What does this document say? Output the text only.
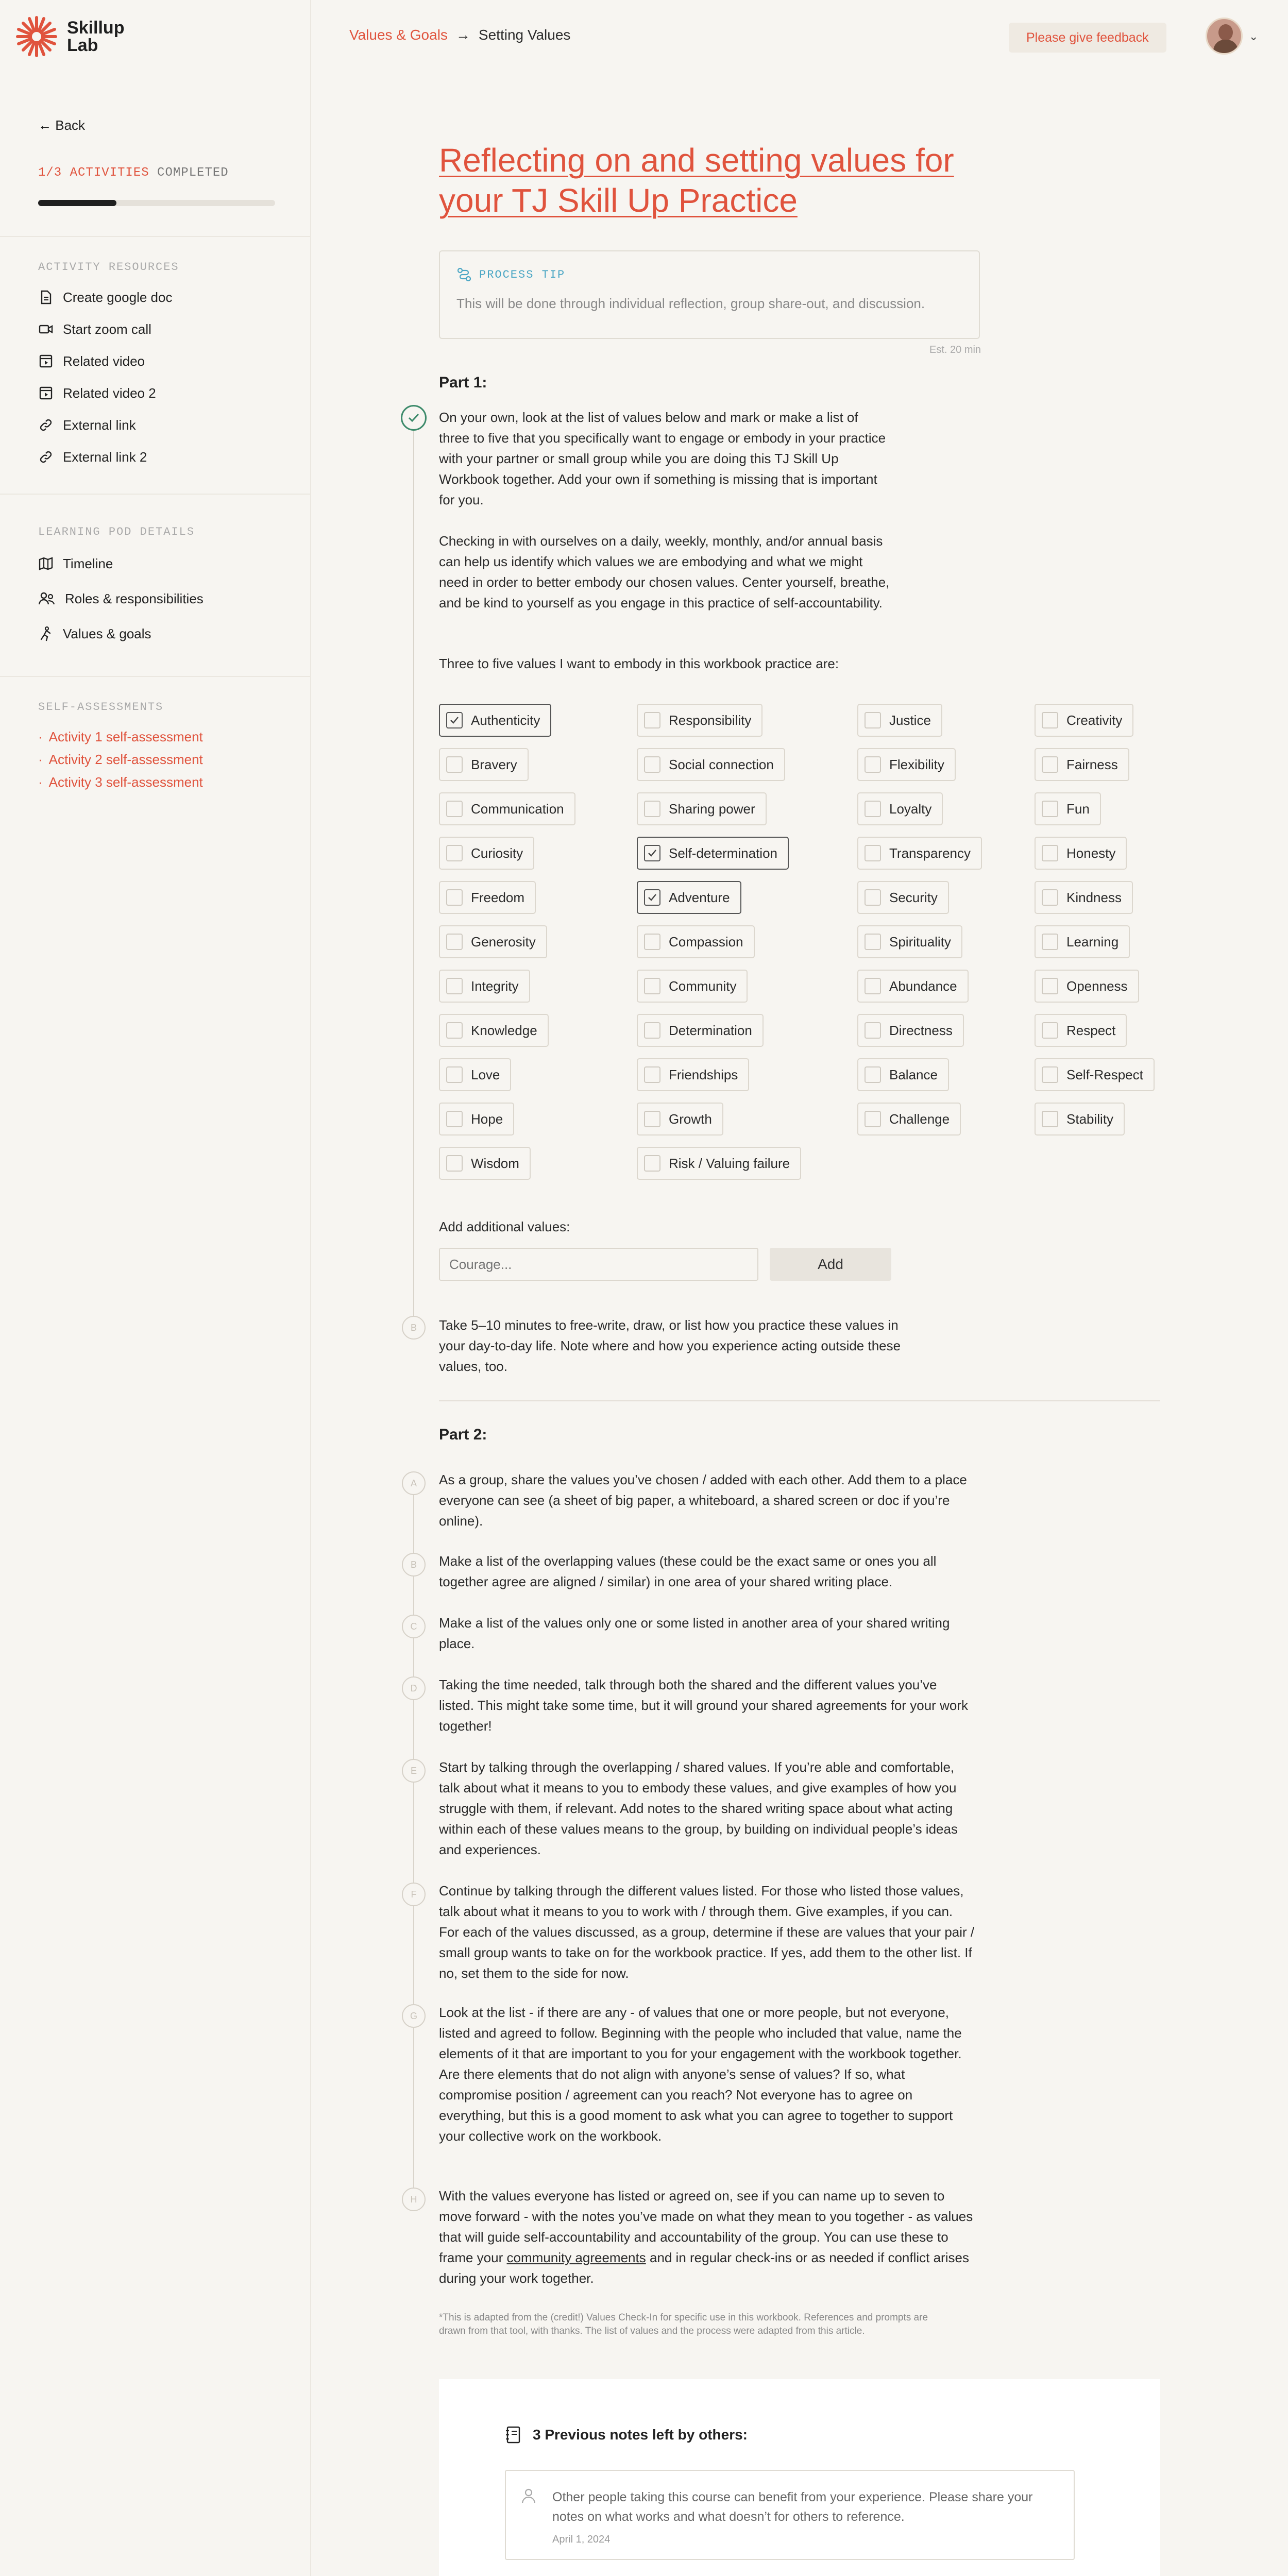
Skillup
Lab
← Back
1/3 ACTIVITIES COMPLETED
ACTIVITY RESOURCES
Create google doc
Start zoom call
Related video
Related video 2
External link
External link 2
LEARNING POD DETAILS
Timeline
Roles & responsibilities
Values & goals
SELF-ASSESSMENTS
· Activity 1 self-assessment
· Activity 2 self-assessment
· Activity 3 self-assessment
Values & Goals → Setting Values	Please give feedback	⌄
Reflecting on and setting values for your TJ Skill Up Practice
PROCESS TIP
This will be done through individual reflection, group share-out, and discussion.
Est. 20 min
Part 1:
On your own, look at the list of values below and mark or make a list of three to five that you specifically want to engage or embody in your practice with your partner or small group while you are doing this TJ Skill Up Workbook together. Add your own if something is missing that is important for you.
Checking in with ourselves on a daily, weekly, monthly, and/or annual basis can help us identify which values we are embodying and what we might need in order to better embody our chosen values. Center yourself, breathe, and be kind to yourself as you engage in this practice of self-accountability.
Three to five values I want to embody in this workbook practice are:
Authenticity	Responsibility	Justice	Creativity
Bravery	Social connection	Flexibility	Fairness
Communication	Sharing power	Loyalty	Fun
Curiosity	Self-determination	Transparency	Honesty
Freedom	Adventure	Security	Kindness
Generosity	Compassion	Spirituality	Learning
Integrity	Community	Abundance	Openness
Knowledge	Determination	Directness	Respect
Love	Friendships	Balance	Self-Respect
Hope	Growth	Challenge	Stability
Wisdom	Risk / Valuing failure
Add additional values:
Courage...
Add
B	Take 5–10 minutes to free-write, draw, or list how you practice these values in your day-to-day life. Note where and how you experience acting outside these values, too.
Part 2:
A	As a group, share the values you’ve chosen / added with each other. Add them to a place everyone can see (a sheet of big paper, a whiteboard, a shared screen or doc if you’re online).
B	Make a list of the overlapping values (these could be the exact same or ones you all together agree are aligned / similar) in one area of your shared writing place.
C	Make a list of the values only one or some listed in another area of your shared writing place.
D	Taking the time needed, talk through both the shared and the different values you’ve listed. This might take some time, but it will ground your shared agreements for your work together!
E	Start by talking through the overlapping / shared values. If you’re able and comfortable, talk about what it means to you to embody these values, and give examples of how you struggle with them, if relevant. Add notes to the shared writing space about what acting within each of these values means to the group, by building on individual people’s ideas and experiences.
F	Continue by talking through the different values listed. For those who listed those values, talk about what it means to you to work with / through them. Give examples, if you can. For each of the values discussed, as a group, determine if these are values that your pair / small group wants to take on for the workbook practice. If yes, add them to the other list. If no, set them to the side for now.
G	Look at the list - if there are any - of values that one or more people, but not everyone, listed and agreed to follow. Beginning with the people who included that value, name the elements of it that are important to you for your engagement with the workbook together. Are there elements that do not align with anyone’s sense of values? If so, what compromise position / agreement can you reach? Not everyone has to agree on everything, but this is a good moment to ask what you can agree to together to support your collective work on the workbook.
H	With the values everyone has listed or agreed on, see if you can name up to seven to move forward - with the notes you’ve made on what they mean to you together - as values that will guide self-accountability and accountability of the group. You can use these to frame your community agreements and in regular check-ins or as needed if conflict arises during your work together.
*This is adapted from the (credit!) Values Check-In for specific use in this workbook. References and prompts are drawn from that tool, with thanks. The list of values and the process were adapted from this article.
3 Previous notes left by others:
Other people taking this course can benefit from your experience. Please share your notes on what works and what doesn’t for others to reference.
April 1, 2024
